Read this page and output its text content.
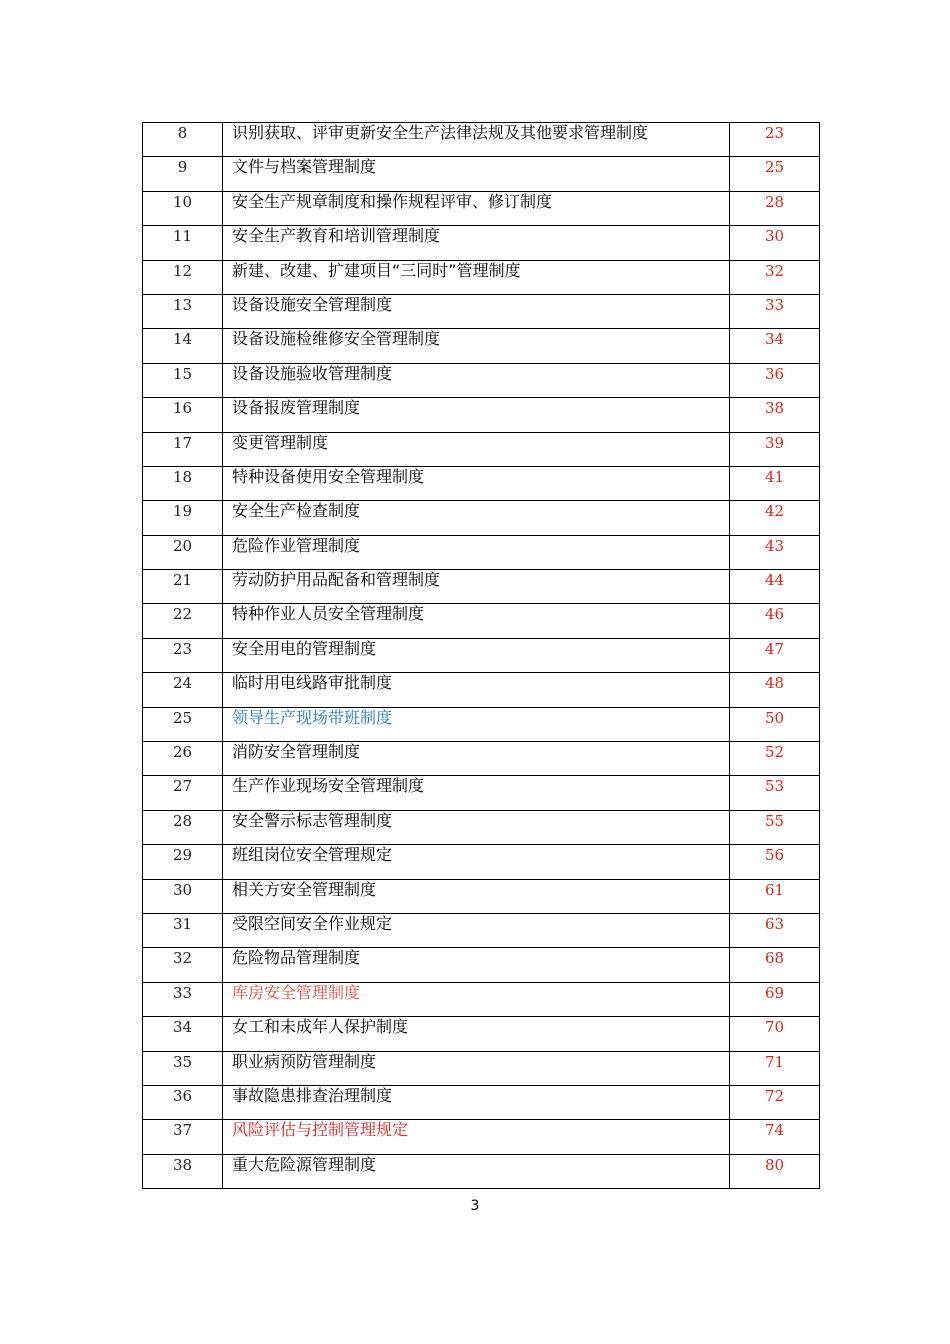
8	识别获取、评审更新安全生产法律法规及其他要求管理制度	23
9	文件与档案管理制度	25
10	安全生产规章制度和操作规程评审、修订制度	28
11	安全生产教育和培训管理制度	30
12	新建、改建、扩建项目“三同时”管理制度	32
13	设备设施安全管理制度	33
14	设备设施检维修安全管理制度	34
15	设备设施验收管理制度	36
16	设备报废管理制度	38
17	变更管理制度	39
18	特种设备使用安全管理制度	41
19	安全生产检查制度	42
20	危险作业管理制度	43
21	劳动防护用品配备和管理制度	44
22	特种作业人员安全管理制度	46
23	安全用电的管理制度	47
24	临时用电线路审批制度	48
25	领导生产现场带班制度	50
26	消防安全管理制度	52
27	生产作业现场安全管理制度	53
28	安全警示标志管理制度	55
29	班组岗位安全管理规定	56
30	相关方安全管理制度	61
31	受限空间安全作业规定	63
32	危险物品管理制度	68
33	库房安全管理制度	69
34	女工和未成年人保护制度	70
35	职业病预防管理制度	71
36	事故隐患排查治理制度	72
37	风险评估与控制管理规定	74
38	重大危险源管理制度	80
3
